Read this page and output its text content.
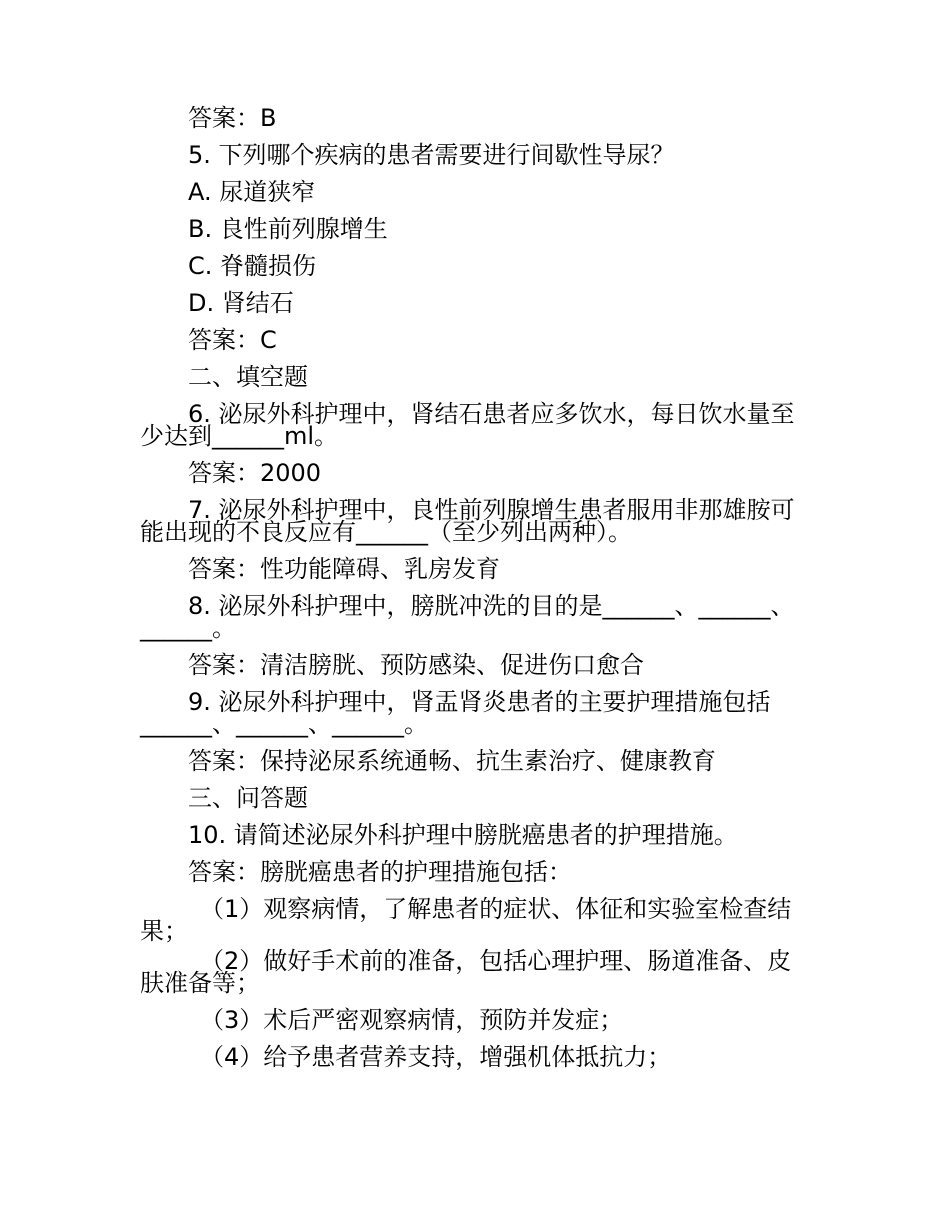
答案：B
5. 下列哪个疾病的患者需要进行间歇性导尿？
A. 尿道狭窄
B. 良性前列腺增生
C. 脊髓损伤
D. 肾结石
答案：C
二、填空题
6. 泌尿外科护理中，肾结石患者应多饮水，每日饮水量至少达到______ml。
答案：2000
7. 泌尿外科护理中，良性前列腺增生患者服用非那雄胺可能出现的不良反应有______（至少列出两种）。
答案：性功能障碍、乳房发育
8. 泌尿外科护理中，膀胱冲洗的目的是______、______、______。
答案：清洁膀胱、预防感染、促进伤口愈合
9. 泌尿外科护理中，肾盂肾炎患者的主要护理措施包括______、______、______。
答案：保持泌尿系统通畅、抗生素治疗、健康教育
三、问答题
10. 请简述泌尿外科护理中膀胱癌患者的护理措施。
答案：膀胱癌患者的护理措施包括：
（1）观察病情，了解患者的症状、体征和实验室检查结果；
（2）做好手术前的准备，包括心理护理、肠道准备、皮肤准备等；
（3）术后严密观察病情，预防并发症；
（4）给予患者营养支持，增强机体抵抗力；
